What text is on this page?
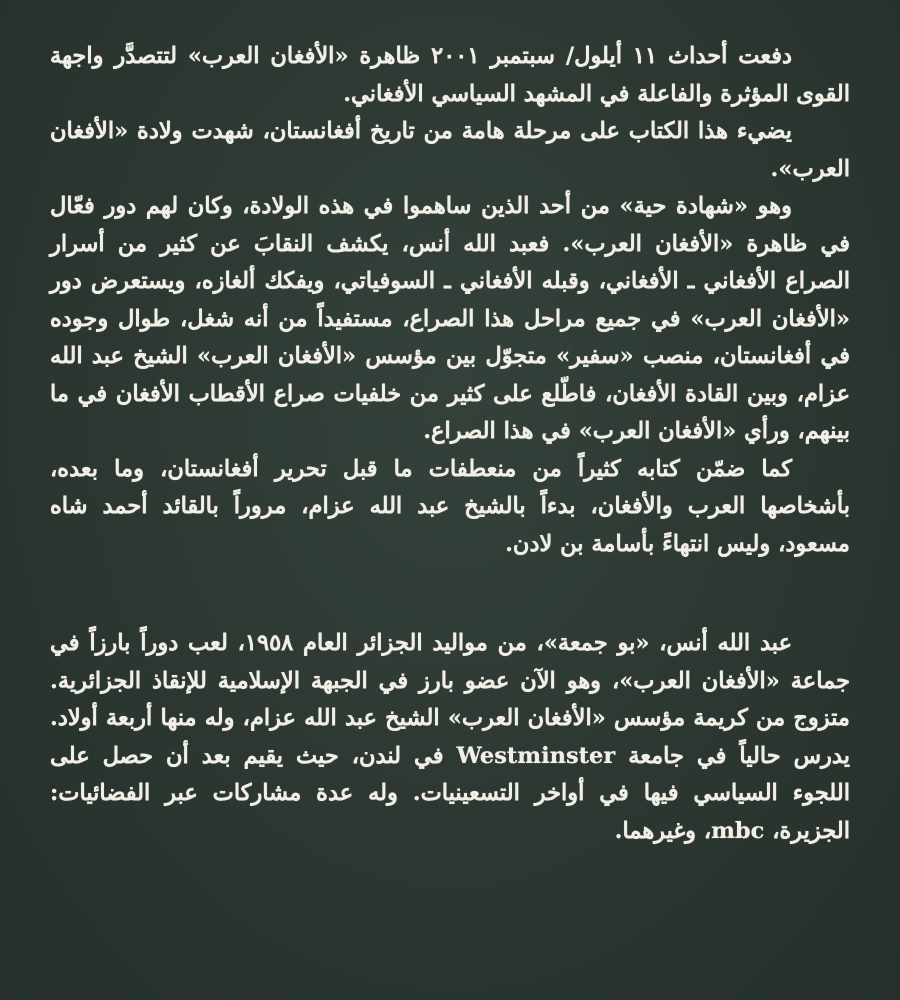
دفعت أحداث ١١ أيلول/ سبتمبر ٢٠٠١ ظاهرة «الأفغان العرب» لتتصدَّر واجهة القوى المؤثرة والفاعلة في المشهد السياسي الأفغاني.

يضيء هذا الكتاب على مرحلة هامة من تاريخ أفغانستان، شهدت ولادة «الأفغان العرب».

وهو «شهادة حية» من أحد الذين ساهموا في هذه الولادة، وكان لهم دور فعّال في ظاهرة «الأفغان العرب». فعبد الله أنس، يكشف النقابَ عن كثير من أسرار الصراع الأفغاني ـ الأفغاني، وقبله الأفغاني ـ السوفياتي، ويفكك ألغازه، ويستعرض دور «الأفغان العرب» في جميع مراحل هذا الصراع، مستفيداً من أنه شغل، طوال وجوده في أفغانستان، منصب «سفير» متجوّل بين مؤسس «الأفغان العرب» الشيخ عبد الله عزام، وبين القادة الأفغان، فاطّلع على كثير من خلفيات صراع الأقطاب الأفغان في ما بينهم، ورأي «الأفغان العرب» في هذا الصراع.

كما ضمّن كتابه كثيراً من منعطفات ما قبل تحرير أفغانستان، وما بعده، بأشخاصها العرب والأفغان، بدءاً بالشيخ عبد الله عزام، مروراً بالقائد أحمد شاه مسعود، وليس انتهاءً بأسامة بن لادن.

عبد الله أنس، «بو جمعة»، من مواليد الجزائر العام ١٩٥٨، لعب دوراً بارزاً في جماعة «الأفغان العرب»، وهو الآن عضو بارز في الجبهة الإسلامية للإنقاذ الجزائرية. متزوج من كريمة مؤسس «الأفغان العرب» الشيخ عبد الله عزام، وله منها أربعة أولاد. يدرس حالياً في جامعة Westminster في لندن، حيث يقيم بعد أن حصل على اللجوء السياسي فيها في أواخر التسعينيات. وله عدة مشاركات عبر الفضائيات: الجزيرة، mbc، وغيرهما.
